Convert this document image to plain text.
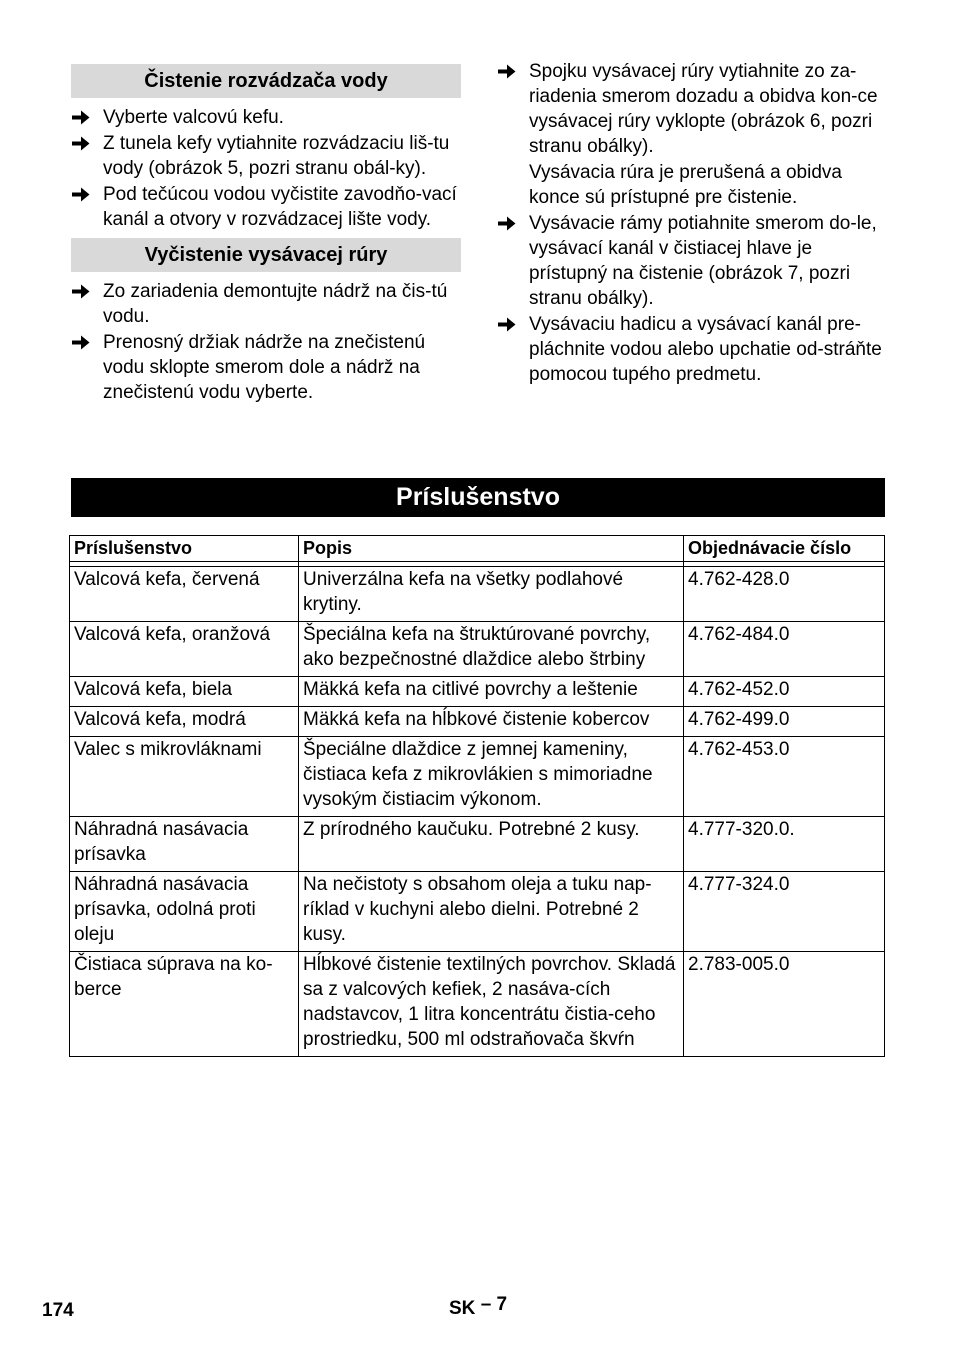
Čistenie rozvádzača vody
Vyberte valcovú kefu.
Z tunela kefy vytiahnite rozvádzaciu liš-tu vody (obrázok 5, pozri stranu obál-ky).
Pod tečúcou vodou vyčistite zavodňo-vací kanál a otvory v rozvádzacej lište vody.
Vyčistenie vysávacej rúry
Zo zariadenia demontujte nádrž na čis-tú vodu.
Prenosný držiak nádrže na znečistenú vodu sklopte smerom dole a nádrž na znečistenú vodu vyberte.
Spojku vysávacej rúry vytiahnite zo za-riadenia smerom dozadu a obidva kon-ce vysávacej rúry vyklopte (obrázok 6, pozri stranu obálky).
Vysávacia rúra je prerušená a obidva konce sú prístupné pre čistenie.
Vysávacie rámy potiahnite smerom do-le, vysávací kanál v čistiacej hlave je prístupný na čistenie (obrázok 7, pozri stranu obálky).
Vysávaciu hadicu a vysávací kanál pre-pláchnite vodou alebo upchatie od-stráňte pomocou tupého predmetu.
Príslušenstvo
Príslušenstvo	Popis	Objednávacie číslo

Valcová kefa, červená	Univerzálna kefa na všetky podlahové krytiny.	4.762-428.0
Valcová kefa, oranžová	Špeciálna kefa na štruktúrované povrchy, ako bezpečnostné dlaždice alebo štrbiny	4.762-484.0
Valcová kefa, biela	Mäkká kefa na citlivé povrchy a leštenie	4.762-452.0
Valcová kefa, modrá	Mäkká kefa na hĺbkové čistenie kobercov	4.762-499.0
Valec s mikrovláknami	Špeciálne dlaždice z jemnej kameniny, čistiaca kefa z mikrovlákien s mimoriadne vysokým čistiacim výkonom.	4.762-453.0
Náhradná nasávacia prísavka	Z prírodného kaučuku. Potrebné 2 kusy.	4.777-320.0.
Náhradná nasávacia prísavka, odolná proti oleju	Na nečistoty s obsahom oleja a tuku nap-ríklad v kuchyni alebo dielni. Potrebné 2 kusy.	4.777-324.0
Čistiaca súprava na ko-berce	Hĺbkové čistenie textilných povrchov. Skladá sa z valcových kefiek, 2 nasáva-cích nadstavcov, 1 litra koncentrátu čistia-ceho prostriedku, 500 ml odstraňovača škvŕn	2.783-005.0
174	SK – 7
